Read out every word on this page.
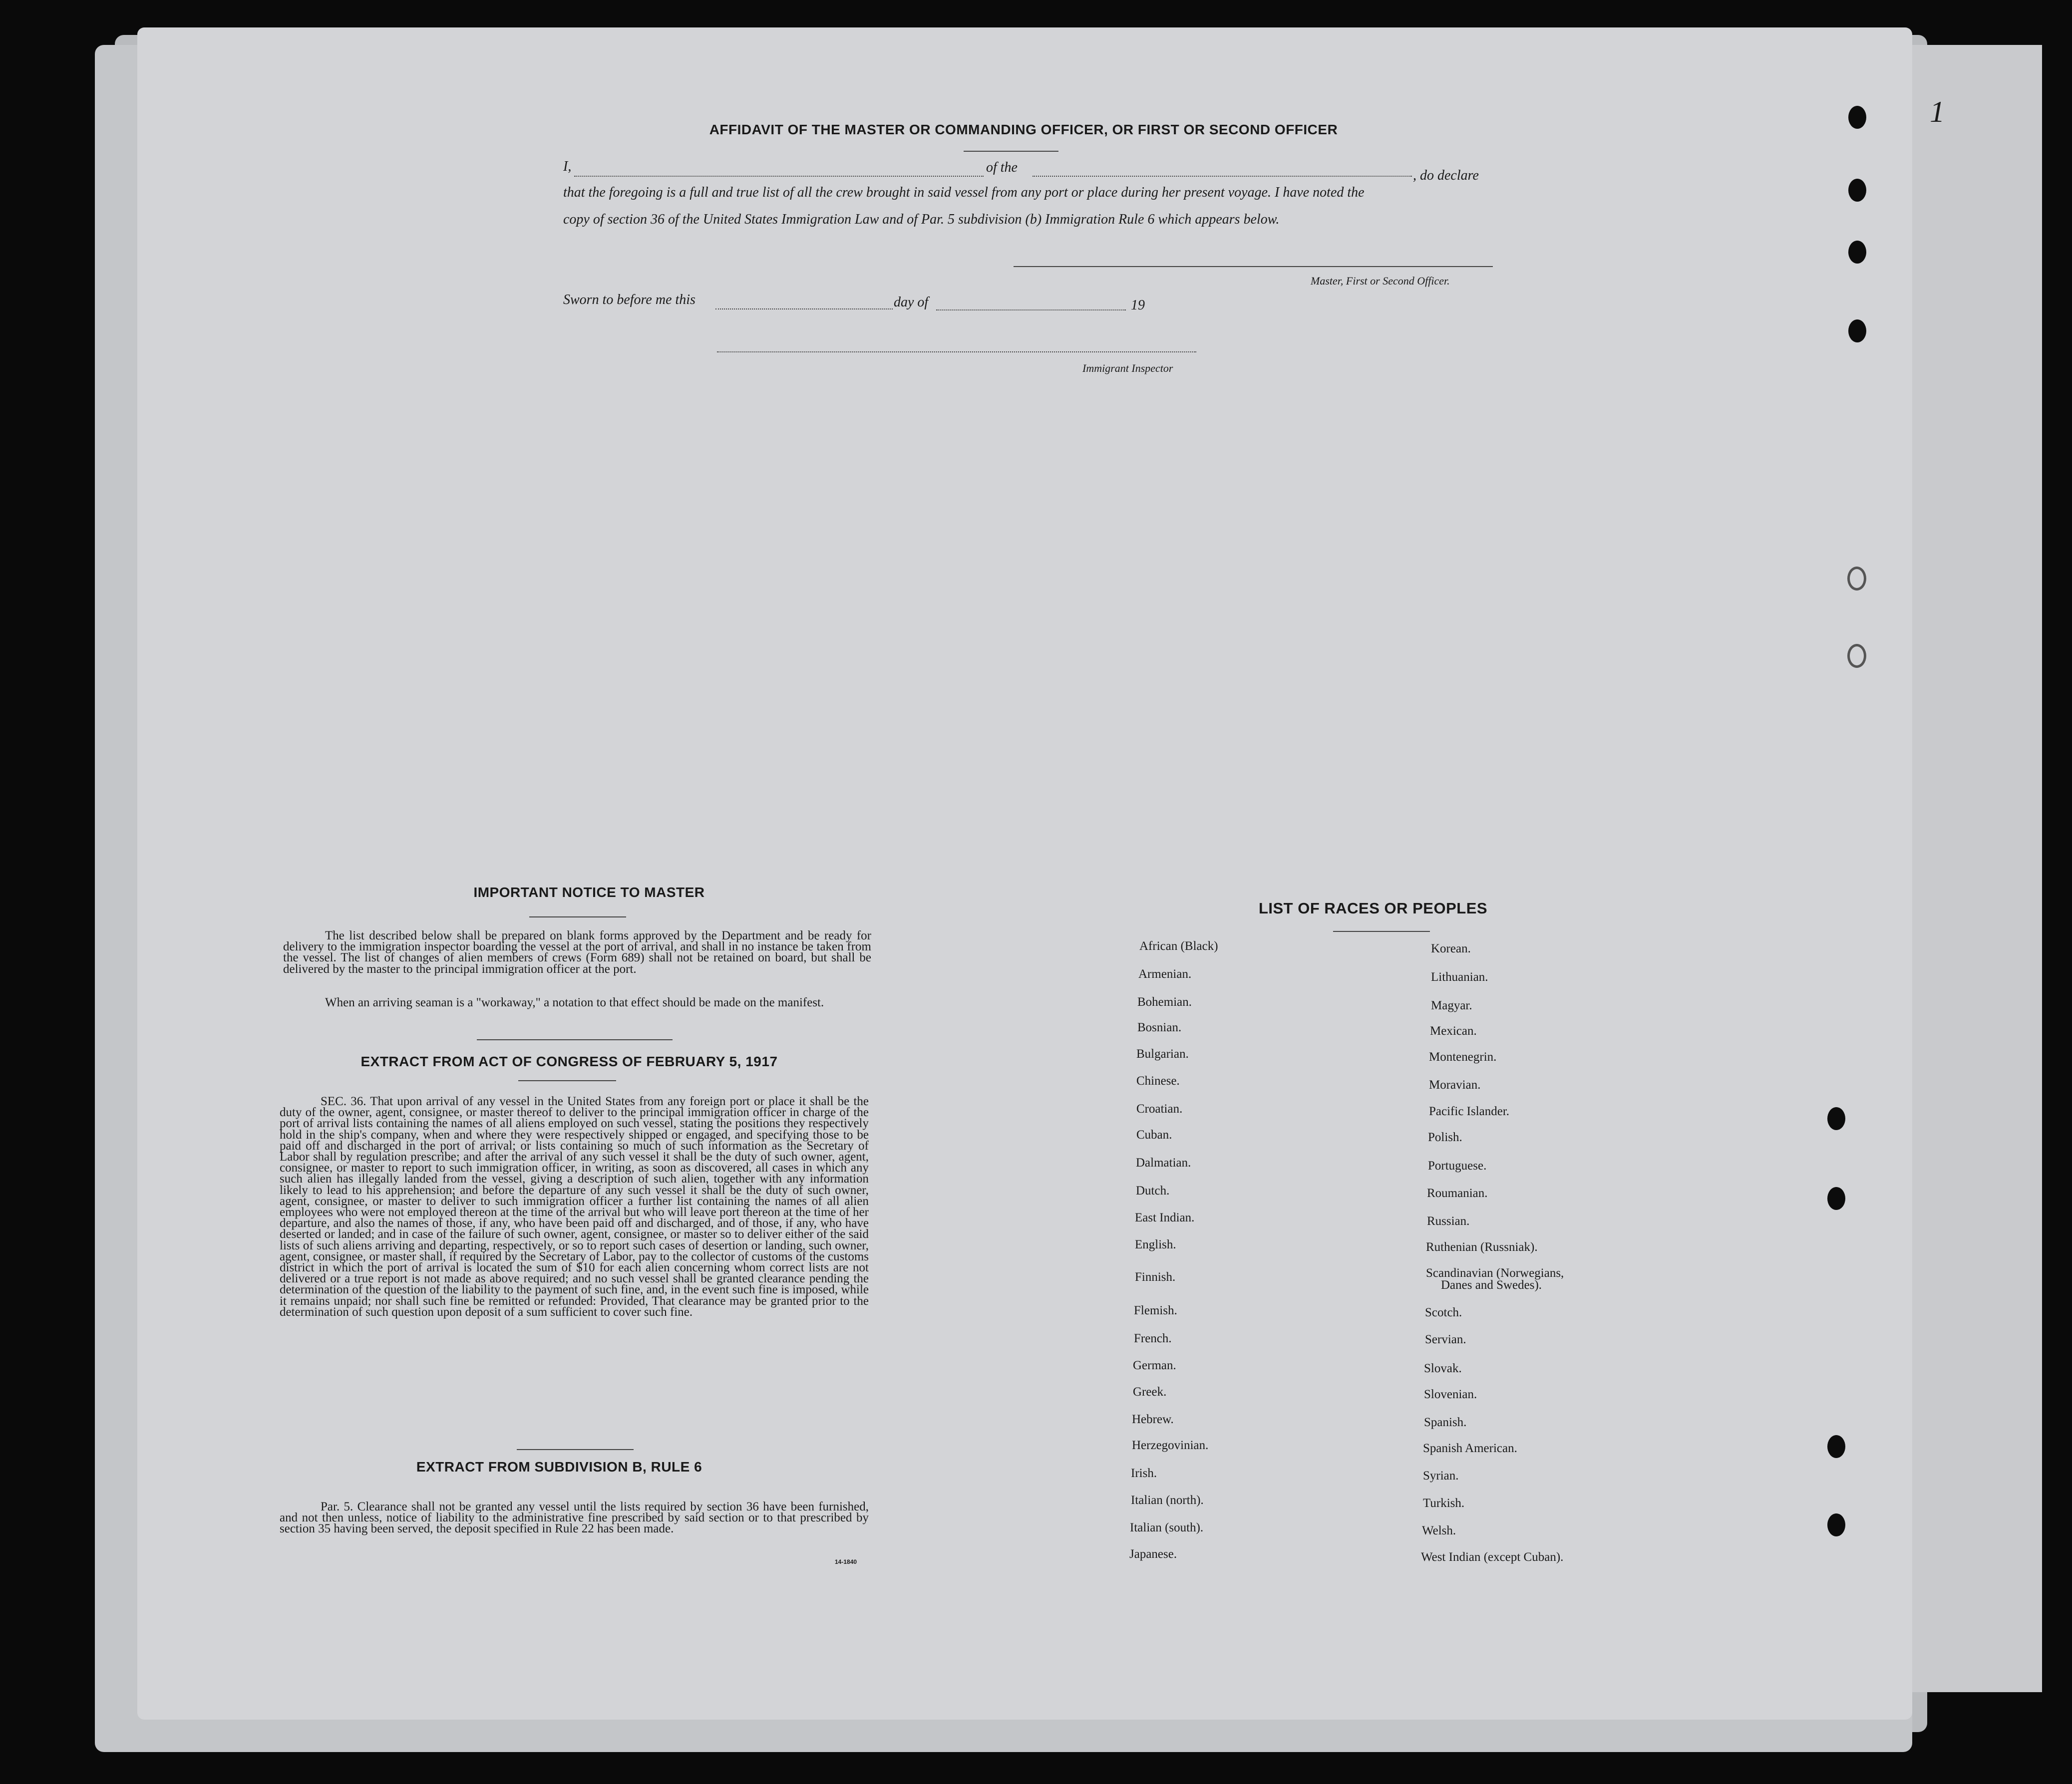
1
AFFIDAVIT OF THE MASTER OR COMMANDING OFFICER, OR FIRST OR SECOND OFFICER
I,	of the
, do declare
that the foregoing is a full and true list of all the crew brought in said vessel from any port or place during her present voyage. I have noted the
copy of section 36 of the United States Immigration Law and of Par. 5 subdivision (b) Immigration Rule 6 which appears below.
Master, First or Second Officer.
Sworn to before me this	day of	19
Immigrant Inspector
IMPORTANT NOTICE TO MASTER
The list described below shall be prepared on blank forms approved by the Department and be ready for delivery to the immigration inspector boarding the vessel at the port of arrival, and shall in no instance be taken from the vessel. The list of changes of alien members of crews (Form 689) shall not be retained on board, but shall be delivered by the master to the principal immigration officer at the port.
When an arriving seaman is a "workaway," a notation to that effect should be made on the manifest.
EXTRACT FROM ACT OF CONGRESS OF FEBRUARY 5, 1917
SEC. 36. That upon arrival of any vessel in the United States from any foreign port or place it shall be the duty of the owner, agent, consignee, or master thereof to deliver to the principal immigration officer in charge of the port of arrival lists containing the names of all aliens employed on such vessel, stating the positions they respectively hold in the ship's company, when and where they were respectively shipped or engaged, and specifying those to be paid off and discharged in the port of arrival; or lists containing so much of such information as the Secretary of Labor shall by regulation prescribe; and after the arrival of any such vessel it shall be the duty of such owner, agent, consignee, or master to report to such immigration officer, in writing, as soon as discovered, all cases in which any such alien has illegally landed from the vessel, giving a description of such alien, together with any information likely to lead to his apprehension; and before the departure of any such vessel it shall be the duty of such owner, agent, consignee, or master to deliver to such immigration officer a further list containing the names of all alien employees who were not employed thereon at the time of the arrival but who will leave port thereon at the time of her departure, and also the names of those, if any, who have been paid off and discharged, and of those, if any, who have deserted or landed; and in case of the failure of such owner, agent, consignee, or master so to deliver either of the said lists of such aliens arriving and departing, respectively, or so to report such cases of desertion or landing, such owner, agent, consignee, or master shall, if required by the Secretary of Labor, pay to the collector of customs of the customs district in which the port of arrival is located the sum of $10 for each alien concerning whom correct lists are not delivered or a true report is not made as above required; and no such vessel shall be granted clearance pending the determination of the question of the liability to the payment of such fine, and, in the event such fine is imposed, while it remains unpaid; nor shall such fine be remitted or refunded: Provided, That clearance may be granted prior to the determination of such question upon deposit of a sum sufficient to cover such fine.
EXTRACT FROM SUBDIVISION B, RULE 6
Par. 5. Clearance shall not be granted any vessel until the lists required by section 36 have been furnished, and not then unless, notice of liability to the administrative fine prescribed by said section or to that prescribed by section 35 having been served, the deposit specified in Rule 22 has been made.
14-1840
LIST OF RACES OR PEOPLES
African (Black)
Armenian.
Bohemian.
Bosnian.
Bulgarian.
Chinese.
Croatian.
Cuban.
Dalmatian.
Dutch.
East Indian.
English.
Finnish.
Flemish.
French.
German.
Greek.
Hebrew.
Herzegovinian.
Irish.
Italian (north).
Italian (south).
Japanese.
Korean.
Lithuanian.
Magyar.
Mexican.
Montenegrin.
Moravian.
Pacific Islander.
Polish.
Portuguese.
Roumanian.
Russian.
Ruthenian (Russniak).
Scandinavian (Norwegians,
Danes and Swedes).
Scotch.
Servian.
Slovak.
Slovenian.
Spanish.
Spanish American.
Syrian.
Turkish.
Welsh.
West Indian (except Cuban).
